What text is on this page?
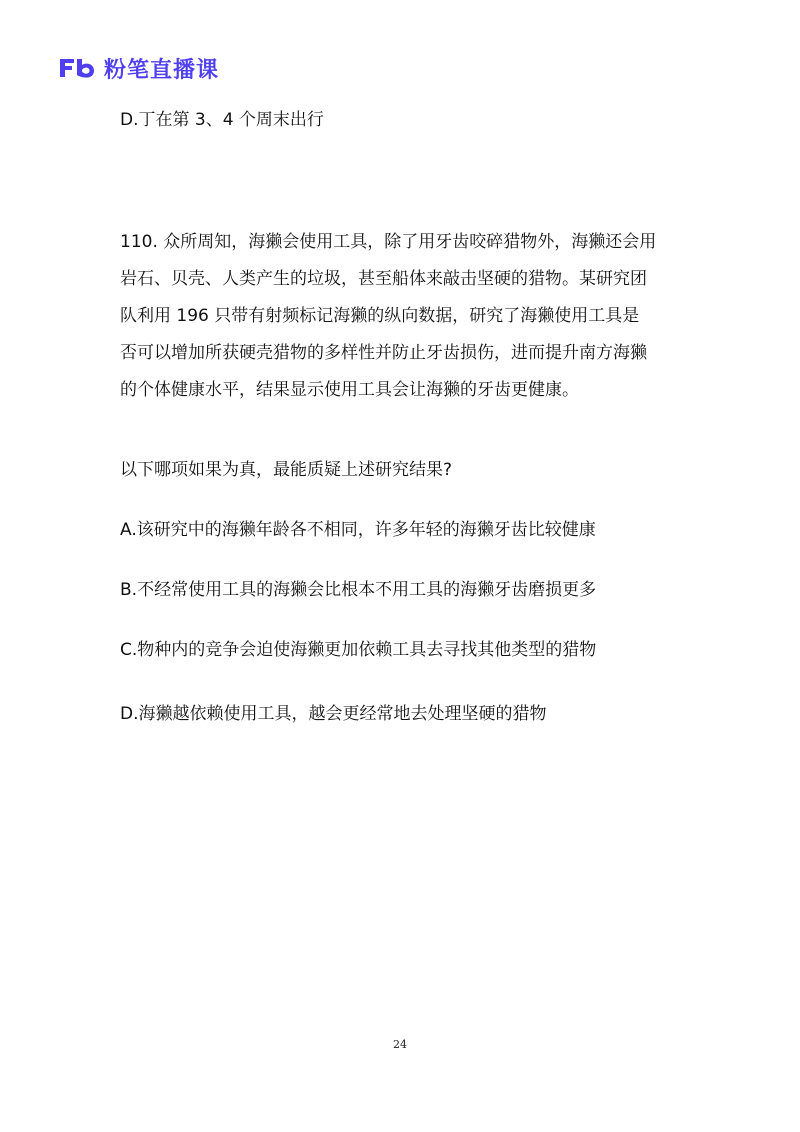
粉笔直播课
D.丁在第 3、4 个周末出行
110. 众所周知，海獭会使用工具，除了用牙齿咬碎猎物外，海獭还会用
岩石、贝壳、人类产生的垃圾，甚至船体来敲击坚硬的猎物。某研究团
队利用 196 只带有射频标记海獭的纵向数据，研究了海獭使用工具是
否可以增加所获硬壳猎物的多样性并防止牙齿损伤，进而提升南方海獭
的个体健康水平，结果显示使用工具会让海獭的牙齿更健康。
以下哪项如果为真，最能质疑上述研究结果?
A.该研究中的海獭年龄各不相同，许多年轻的海獭牙齿比较健康
B.不经常使用工具的海獭会比根本不用工具的海獭牙齿磨损更多
C.物种内的竞争会迫使海獭更加依赖工具去寻找其他类型的猎物
D.海獭越依赖使用工具，越会更经常地去处理坚硬的猎物
24
